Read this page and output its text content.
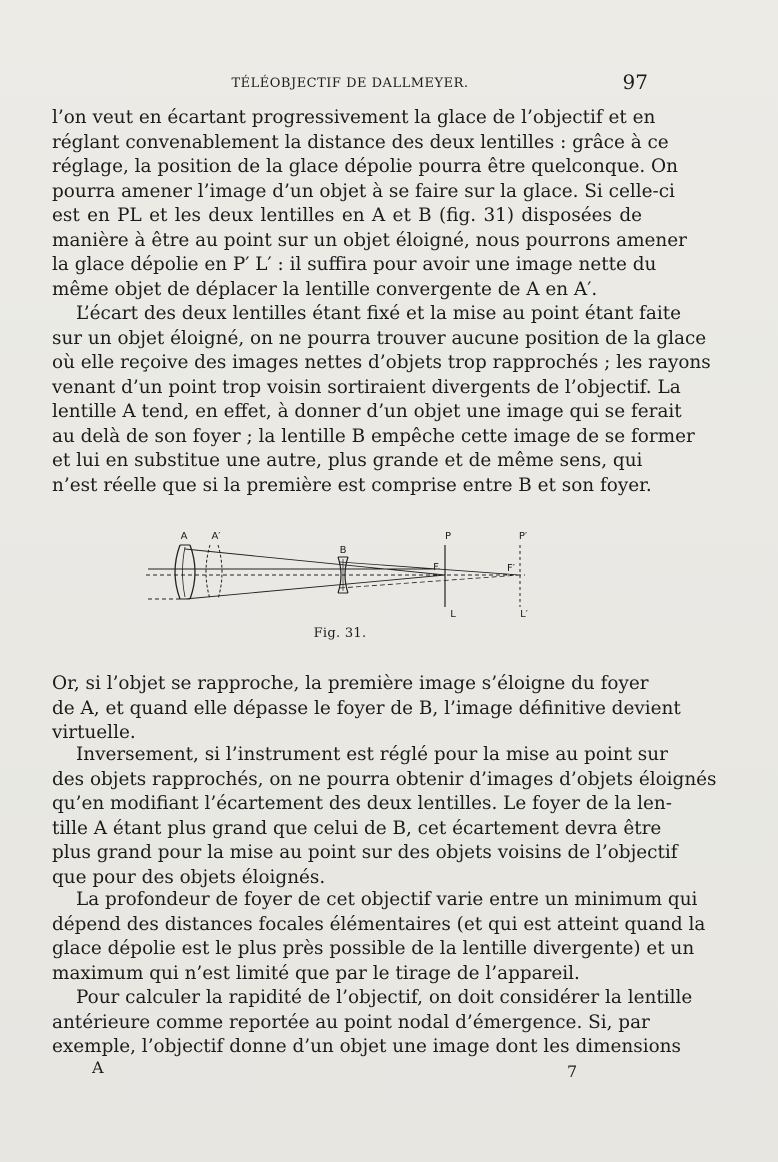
TÉLÉOBJECTIF DE DALLMEYER.	97

l’on veut en écartant progressivement la glace de l’objectif et en
réglant convenablement la distance des deux lentilles : grâce à ce
réglage, la position de la glace dépolie pourra être quelconque. On
pourra amener l’image d’un objet à se faire sur la glace. Si celle-ci
est en PL et les deux lentilles en A et B (fig. 31) disposées de
manière à être au point sur un objet éloigné, nous pourrons amener
la glace dépolie en P′ L′ : il suffira pour avoir une image nette du
même objet de déplacer la lentille convergente de A en A′.

L’écart des deux lentilles étant fixé et la mise au point étant faite
sur un objet éloigné, on ne pourra trouver aucune position de la glace
où elle reçoive des images nettes d’objets trop rapprochés ; les rayons
venant d’un point trop voisin sortiraient divergents de l’objectif. La
lentille A tend, en effet, à donner d’un objet une image qui se ferait
au delà de son foyer ; la lentille B empêche cette image de se former
et lui en substitue une autre, plus grande et de même sens, qui
n’est réelle que si la première est comprise entre B et son foyer.

A A′
B
P	P′
F	F′
L	L′
Fig. 31.

Or, si l’objet se rapproche, la première image s’éloigne du foyer
de A, et quand elle dépasse le foyer de B, l’image définitive devient
virtuelle.

Inversement, si l’instrument est réglé pour la mise au point sur
des objets rapprochés, on ne pourra obtenir d’images d’objets éloignés
qu’en modifiant l’écartement des deux lentilles. Le foyer de la len-
tille A étant plus grand que celui de B, cet écartement devra être
plus grand pour la mise au point sur des objets voisins de l’objectif
que pour des objets éloignés.

La profondeur de foyer de cet objectif varie entre un minimum qui
dépend des distances focales élémentaires (et qui est atteint quand la
glace dépolie est le plus près possible de la lentille divergente) et un
maximum qui n’est limité que par le tirage de l’appareil.

Pour calculer la rapidité de l’objectif, on doit considérer la lentille
antérieure comme reportée au point nodal d’émergence. Si, par
exemple, l’objectif donne d’un objet une image dont les dimensions

A	7
